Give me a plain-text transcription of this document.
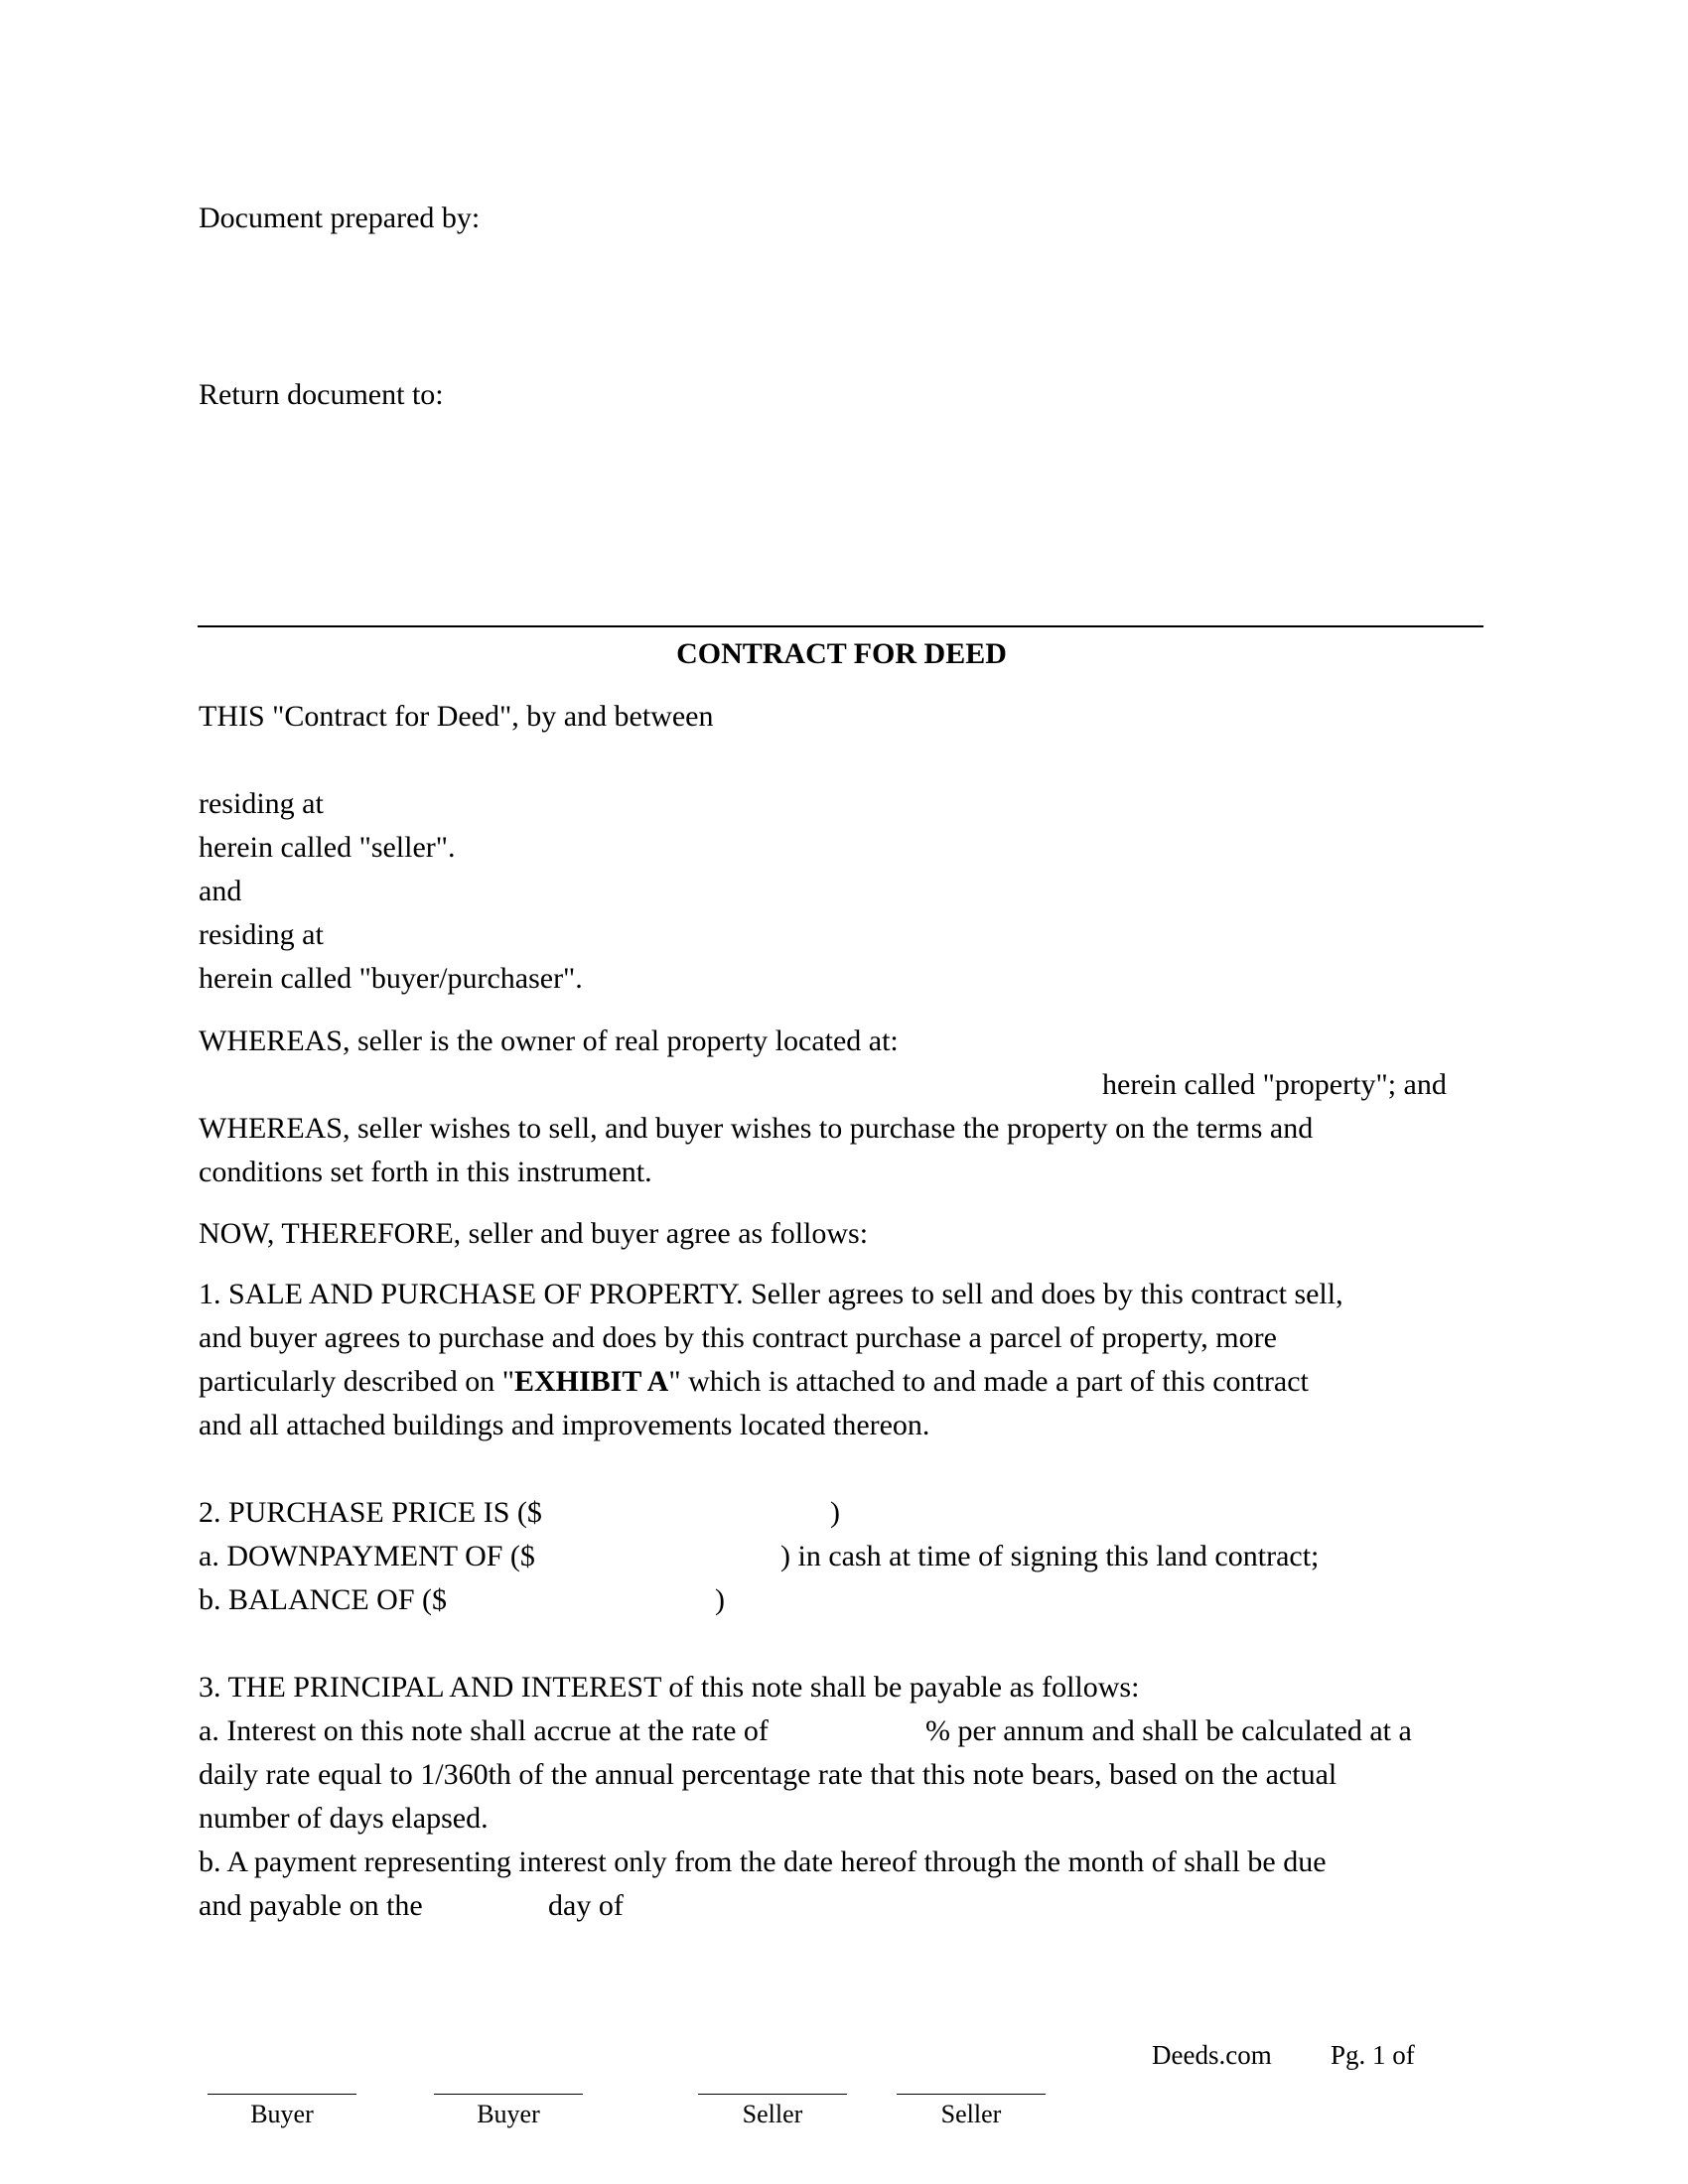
Document prepared by:
Return document to:
CONTRACT FOR DEED
THIS "Contract for Deed", by and between
residing at
herein called "seller".
and
residing at
herein called "buyer/purchaser".
WHEREAS, seller is the owner of real property located at:
herein called "property"; and
WHEREAS, seller wishes to sell, and buyer wishes to purchase the property on the terms and
conditions set forth in this instrument.
NOW, THEREFORE, seller and buyer agree as follows:
1. SALE AND PURCHASE OF PROPERTY. Seller agrees to sell and does by this contract sell,
and buyer agrees to purchase and does by this contract purchase a parcel of property, more
particularly described on "EXHIBIT A" which is attached to and made a part of this contract
and all attached buildings and improvements located thereon.
2. PURCHASE PRICE IS ($	)
a. DOWNPAYMENT OF ($	) in cash at time of signing this land contract;
b. BALANCE OF ($	)
3. THE PRINCIPAL AND INTEREST of this note shall be payable as follows:
a. Interest on this note shall accrue at the rate of	% per annum and shall be calculated at a
daily rate equal to 1/360th of the annual percentage rate that this note bears, based on the actual
number of days elapsed.
b. A payment representing interest only from the date hereof through the month of shall be due
and payable on the	day of
Deeds.com Pg. 1 of
Buyer	Buyer	Seller	Seller
